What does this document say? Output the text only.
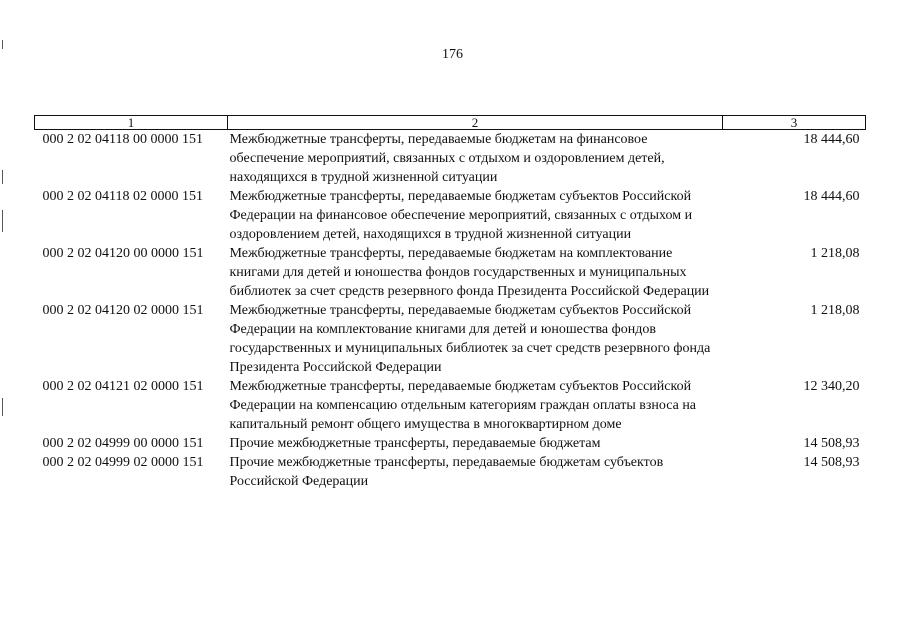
176
1	2	3
000 2 02 04118 00 0000 151	Межбюджетные трансферты, передаваемые бюджетам на финансовое обеспечение мероприятий, связанных с отдыхом и оздоровлением детей, находящихся в трудной жизненной ситуации	18 444,60
000 2 02 04118 02 0000 151	Межбюджетные трансферты, передаваемые бюджетам субъектов Российской Федерации на финансовое обеспечение мероприятий, связанных с отдыхом и оздоровлением детей, находящихся в трудной жизненной ситуации	18 444,60
000 2 02 04120 00 0000 151	Межбюджетные трансферты, передаваемые бюджетам на комплектование книгами для детей и юношества фондов государственных и муниципальных библиотек за счет средств резервного фонда Президента Российской Федерации	1 218,08
000 2 02 04120 02 0000 151	Межбюджетные трансферты, передаваемые бюджетам субъектов Российской Федерации на комплектование книгами для детей и юношества фондов государственных и муниципальных библиотек за счет средств резервного фонда Президента Российской Федерации	1 218,08
000 2 02 04121 02 0000 151	Межбюджетные трансферты, передаваемые бюджетам субъектов Российской Федерации на компенсацию отдельным категориям граждан оплаты взноса на капитальный ремонт общего имущества в многоквартирном доме	12 340,20
000 2 02 04999 00 0000 151	Прочие межбюджетные трансферты, передаваемые бюджетам	14 508,93
000 2 02 04999 02 0000 151	Прочие межбюджетные трансферты, передаваемые бюджетам субъектов Российской Федерации	14 508,93
